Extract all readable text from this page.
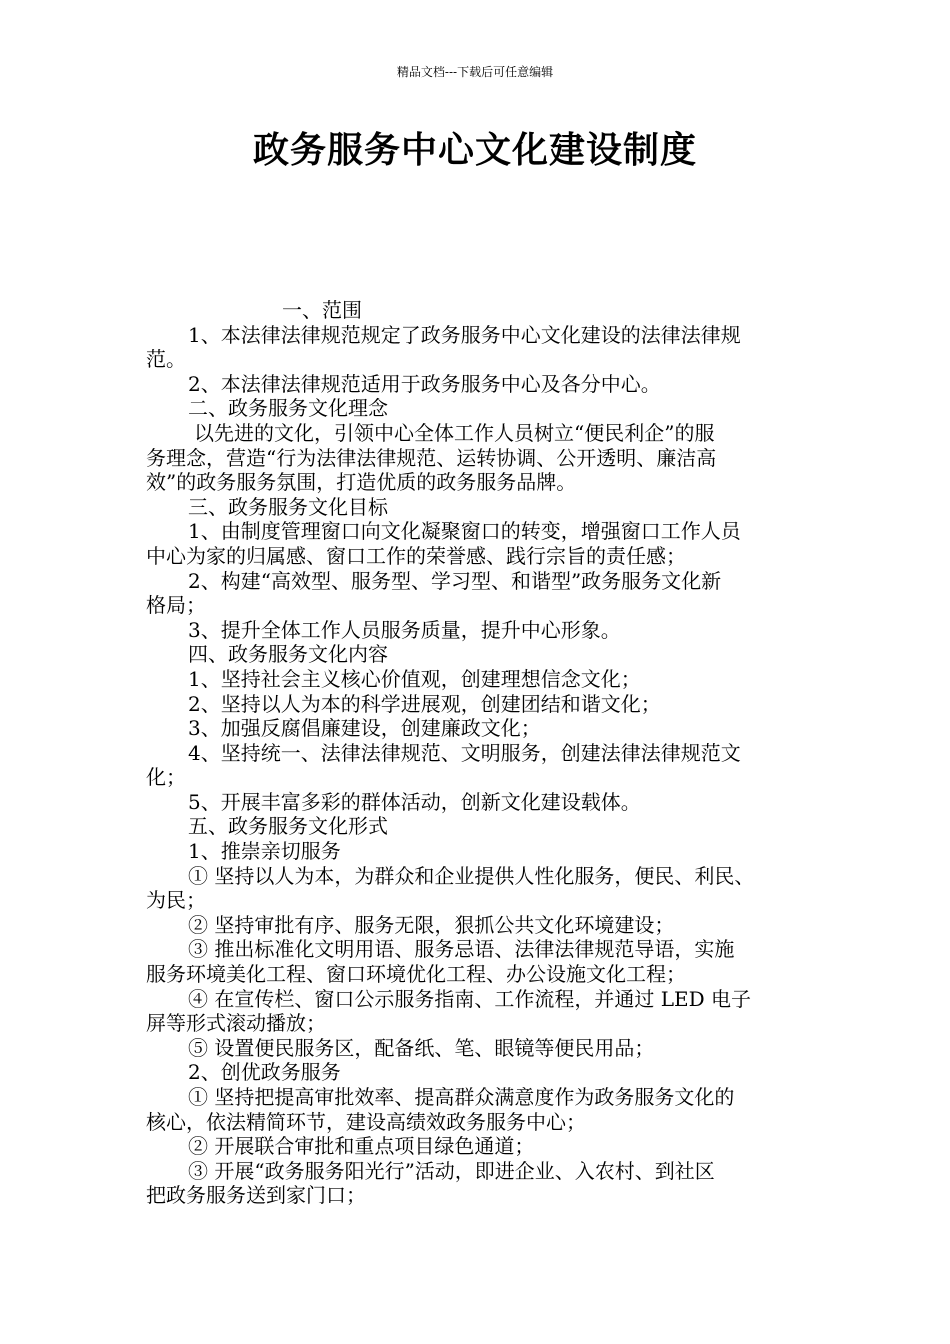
精品文档---下载后可任意编辑
政务服务中心文化建设制度

一、范围

1、本法律法律规范规定了政务服务中心文化建设的法律法律规

范。

2、本法律法律规范适用于政务服务中心及各分中心。

二、政务服务文化理念

以先进的文化，引领中心全体工作人员树立“便民利企”的服

务理念，营造“行为法律法律规范、运转协调、公开透明、廉洁高

效”的政务服务氛围，打造优质的政务服务品牌。

三、政务服务文化目标

1、由制度管理窗口向文化凝聚窗口的转变，增强窗口工作人员

中心为家的归属感、窗口工作的荣誉感、践行宗旨的责任感；

2、构建“高效型、服务型、学习型、和谐型”政务服务文化新

格局；

3、提升全体工作人员服务质量，提升中心形象。

四、政务服务文化内容

1、坚持社会主义核心价值观，创建理想信念文化；

2、坚持以人为本的科学进展观，创建团结和谐文化；

3、加强反腐倡廉建设，创建廉政文化；

4、坚持统一、法律法律规范、文明服务，创建法律法律规范文

化；

5、开展丰富多彩的群体活动，创新文化建设载体。

五、政务服务文化形式

1、推崇亲切服务

① 坚持以人为本，为群众和企业提供人性化服务，便民、利民、

为民；

② 坚持审批有序、服务无限，狠抓公共文化环境建设；

③ 推出标准化文明用语、服务忌语、法律法律规范导语，实施

服务环境美化工程、窗口环境优化工程、办公设施文化工程；

④ 在宣传栏、窗口公示服务指南、工作流程，并通过 LED 电子

屏等形式滚动播放；

⑤ 设置便民服务区，配备纸、笔、眼镜等便民用品；

2、创优政务服务

① 坚持把提高审批效率、提高群众满意度作为政务服务文化的

核心，依法精简环节，建设高绩效政务服务中心；

② 开展联合审批和重点项目绿色通道；

③ 开展“政务服务阳光行”活动，即进企业、入农村、到社区

把政务服务送到家门口；
